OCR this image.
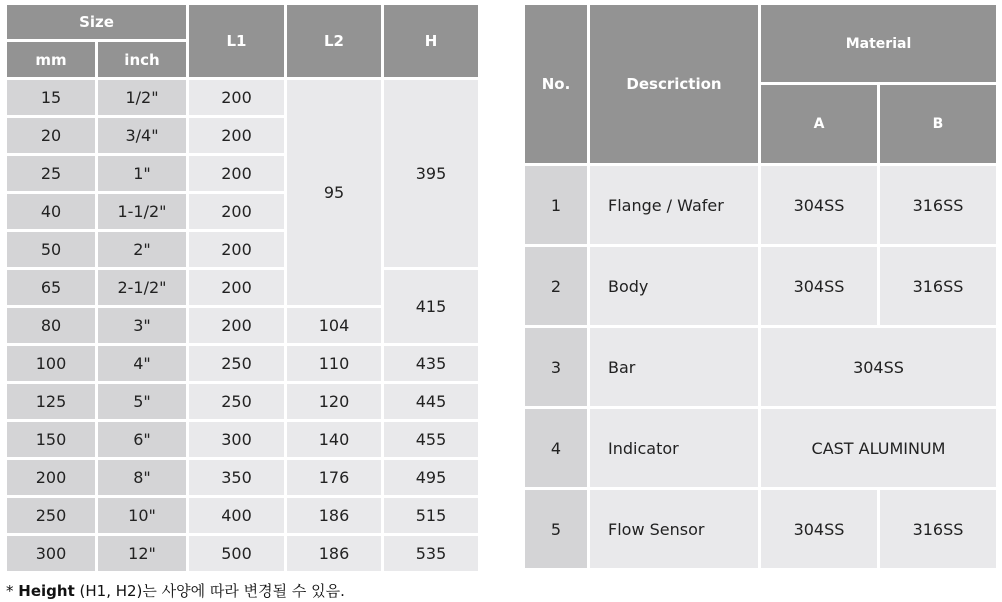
Size		L1	L2	H
mm	inch			
15	1/2"	200	95	395
20	3/4"	200		
25	1"	200		
40	1-1/2"	200		
50	2"	200		
65	2-1/2"	200		415
80	3"	200	104	
100	4"	250	110	435
125	5"	250	120	445
150	6"	300	140	455
200	8"	350	176	495
250	10"	400	186	515
300	12"	500	186	535
No.	Descriction	Material	
		A	B
1	Flange / Wafer	304SS	316SS
2	Body	304SS	316SS
3	Bar	304SS	
4	Indicator	CAST ALUMINUM	
5	Flow Sensor	304SS	316SS
* Height (H1, H2)는 사양에 따라 변경될 수 있음.
